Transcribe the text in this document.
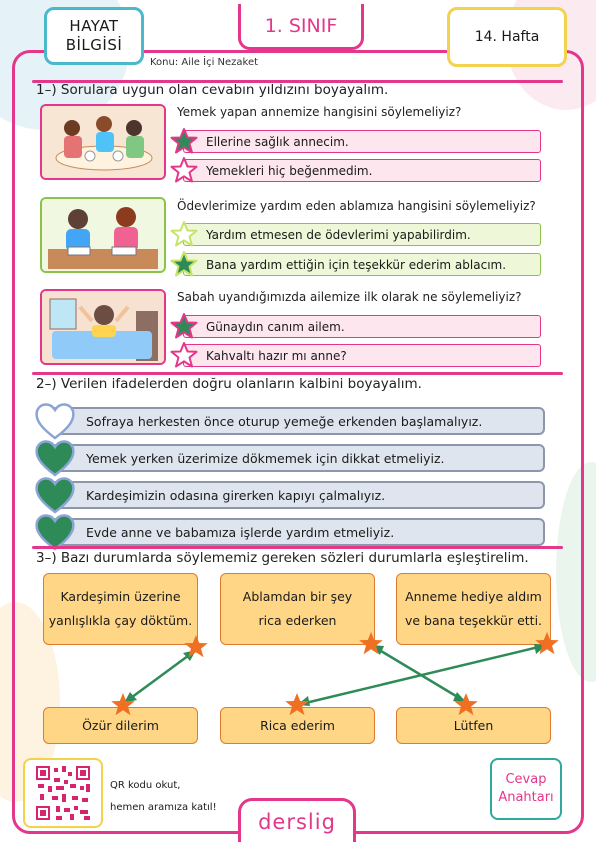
HAYAT
BİLGİSİ
1. SINIF
14. Hafta
Konu: Aile İçi Nezaket
1–) Sorulara uygun olan cevabın yıldızını boyayalım.
Yemek yapan annemize hangisini söylemeliyiz?
Ellerine sağlık annecim.
Yemekleri hiç beğenmedim.
Ödevlerimize yardım eden ablamıza hangisini söylemeliyiz?
Yardım etmesen de ödevlerimi yapabilirdim.
Bana yardım ettiğin için teşekkür ederim ablacım.
Sabah uyandığımızda ailemize ilk olarak ne söylemeliyiz?
Günaydın canım ailem.
Kahvaltı hazır mı anne?
2–) Verilen ifadelerden doğru olanların kalbini boyayalım.
Sofraya herkesten önce oturup yemeğe erkenden başlamalıyız.
Yemek yerken üzerimize dökmemek için dikkat etmeliyiz.
Kardeşimizin odasına girerken kapıyı çalmalıyız.
Evde anne ve babamıza işlerde yardım etmeliyiz.
3–) Bazı durumlarda söylememiz gereken sözleri durumlarla eşleştirelim.
Kardeşimin üzerine
yanlışlıkla çay döktüm.
Ablamdan bir şey
rica ederken
Anneme hediye aldım
ve bana teşekkür etti.
Özür dilerim	Rica ederim	Lütfen
QR kodu okut,
hemen aramıza katıl!
derslig
Cevap
Anahtarı
